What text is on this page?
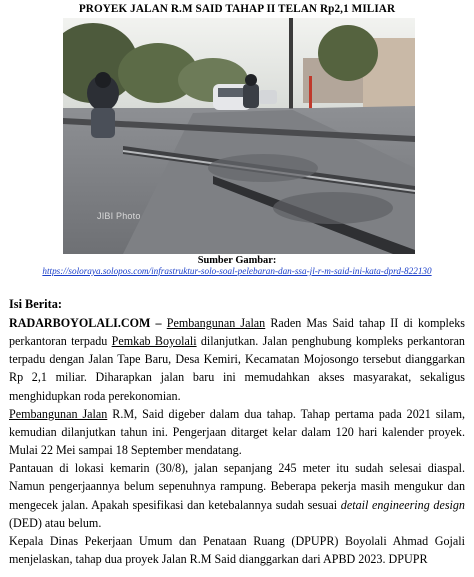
PROYEK JALAN R.M SAID TAHAP II TELAN Rp2,1 MILIAR
JIBI Photo
Sumber Gambar:
https://soloraya.solopos.com/infrastruktur-solo-soal-pelebaran-dan-ssa-jl-r-m-said-ini-kata-dprd-822130
Isi Berita:

RADARBOYOLALI.COM – Pembangunan Jalan Raden Mas Said tahap II di kompleks perkantoran terpadu Pemkab Boyolali dilanjutkan. Jalan penghubung kompleks perkantoran terpadu dengan Jalan Tape Baru, Desa Kemiri, Kecamatan Mojosongo tersebut dianggarkan Rp 2,1 miliar. Diharapkan jalan baru ini memudahkan akses masyarakat, sekaligus menghidupkan roda perekonomian.

Pembangunan Jalan R.M, Said digeber dalam dua tahap. Tahap pertama pada 2021 silam, kemudian dilanjutkan tahun ini. Pengerjaan ditarget kelar dalam 120 hari kalender proyek. Mulai 22 Mei sampai 18 September mendatang.

Pantauan di lokasi kemarin (30/8), jalan sepanjang 245 meter itu sudah selesai diaspal. Namun pengerjaannya belum sepenuhnya rampung. Beberapa pekerja masih mengukur dan mengecek jalan. Apakah spesifikasi dan ketebalannya sudah sesuai detail engineering design (DED) atau belum.

Kepala Dinas Pekerjaan Umum dan Penataan Ruang (DPUPR) Boyolali Ahmad Gojali menjelaskan, tahap dua proyek Jalan R.M Said dianggarkan dari APBD 2023. DPUPR
